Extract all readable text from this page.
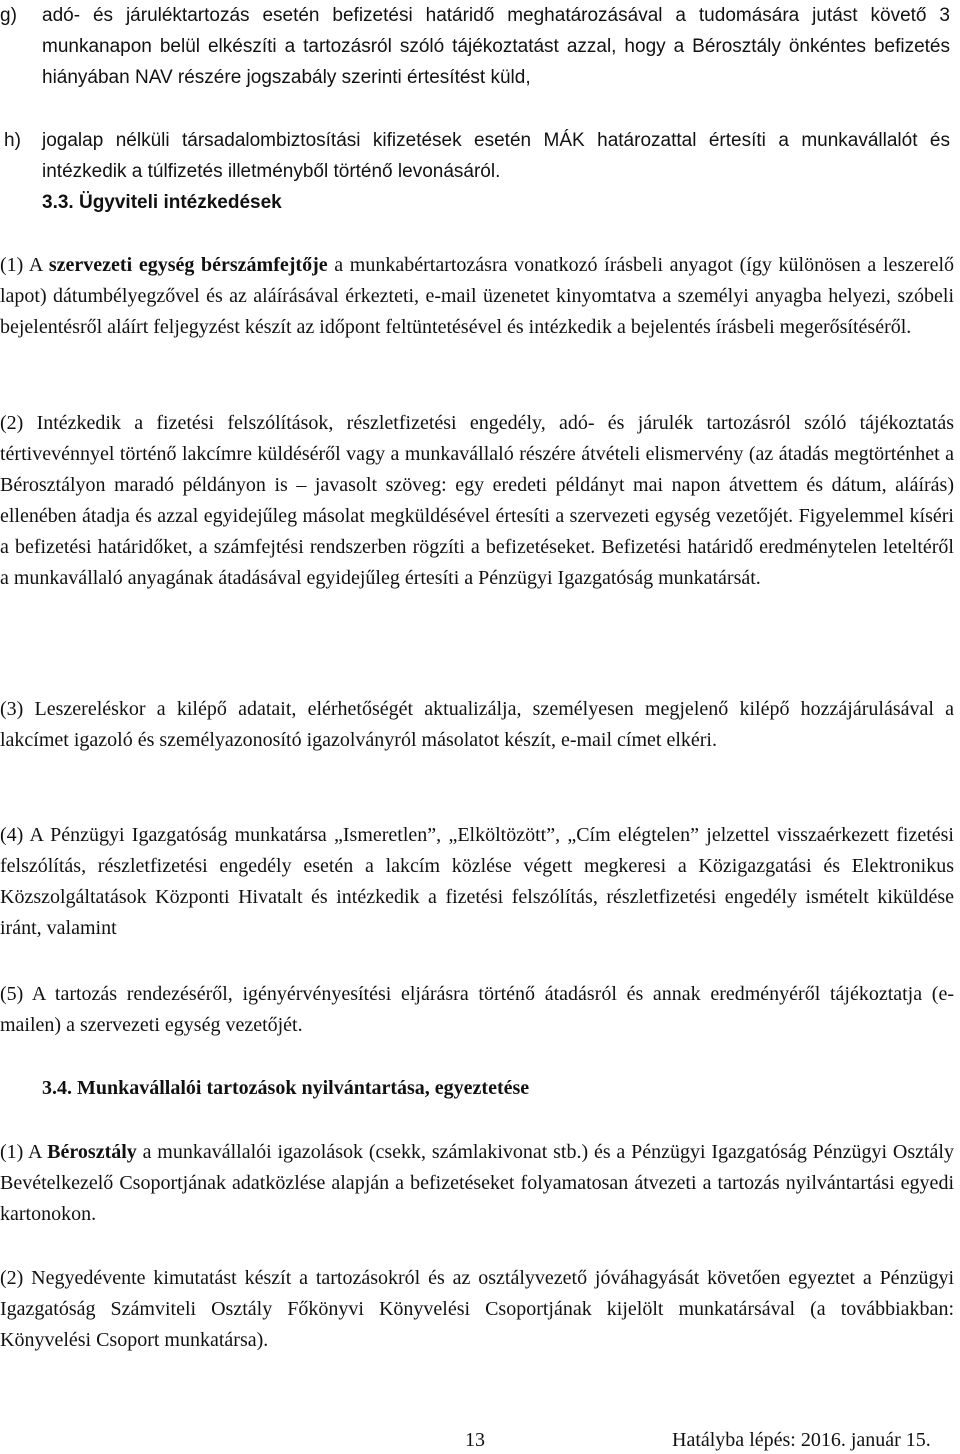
g) adó- és járuléktartozás esetén befizetési határidő meghatározásával a tudomására jutást követő 3 munkanapon belül elkészíti a tartozásról szóló tájékoztatást azzal, hogy a Bérosztály önkéntes befizetés hiányában NAV részére jogszabály szerinti értesítést küld,
h) jogalap nélküli társadalombiztosítási kifizetések esetén MÁK határozattal értesíti a munkavállalót és intézkedik a túlfizetés illetményből történő levonásáról.
3.3. Ügyviteli intézkedések

(1) A szervezeti egység bérszámfejtője a munkabértartozásra vonatkozó írásbeli anyagot (így különösen a leszerelő lapot) dátumbélyegzővel és az aláírásával érkezteti, e-mail üzenetet kinyomtatva a személyi anyagba helyezi, szóbeli bejelentésről aláírt feljegyzést készít az időpont feltüntetésével és intézkedik a bejelentés írásbeli megerősítéséről.

(2) Intézkedik a fizetési felszólítások, részletfizetési engedély, adó- és járulék tartozásról szóló tájékoztatás tértivevénnyel történő lakcímre küldéséről vagy a munkavállaló részére átvételi elismervény (az átadás megtörténhet a Bérosztályon maradó példányon is – javasolt szöveg: egy eredeti példányt mai napon átvettem és dátum, aláírás) ellenében átadja és azzal egyidejűleg másolat megküldésével értesíti a szervezeti egység vezetőjét. Figyelemmel kíséri a befizetési határidőket, a számfejtési rendszerben rögzíti a befizetéseket. Befizetési határidő eredménytelen leteltéről a munkavállaló anyagának átadásával egyidejűleg értesíti a Pénzügyi Igazgatóság munkatársát.

(3) Leszereléskor a kilépő adatait, elérhetőségét aktualizálja, személyesen megjelenő kilépő hozzájárulásával a lakcímet igazoló és személyazonosító igazolványról másolatot készít, e-mail címet elkéri.

(4) A Pénzügyi Igazgatóság munkatársa „Ismeretlen”, „Elköltözött”, „Cím elégtelen” jelzettel visszaérkezett fizetési felszólítás, részletfizetési engedély esetén a lakcím közlése végett megkeresi a Közigazgatási és Elektronikus Közszolgáltatások Központi Hivatalt és intézkedik a fizetési felszólítás, részletfizetési engedély ismételt kiküldése iránt, valamint

(5) A tartozás rendezéséről, igényérvényesítési eljárásra történő átadásról és annak eredményéről tájékoztatja (e-mailen) a szervezeti egység vezetőjét.

3.4. Munkavállalói tartozások nyilvántartása, egyeztetése

(1) A Bérosztály a munkavállalói igazolások (csekk, számlakivonat stb.) és a Pénzügyi Igazgatóság Pénzügyi Osztály Bevételkezelő Csoportjának adatközlése alapján a befizetéseket folyamatosan átvezeti a tartozás nyilvántartási egyedi kartonokon.

(2) Negyedévente kimutatást készít a tartozásokról és az osztályvezető jóváhagyását követően egyeztet a Pénzügyi Igazgatóság Számviteli Osztály Főkönyvi Könyvelési Csoportjának kijelölt munkatársával (a továbbiakban: Könyvelési Csoport munkatársa).

13	Hatályba lépés: 2016. január 15.
